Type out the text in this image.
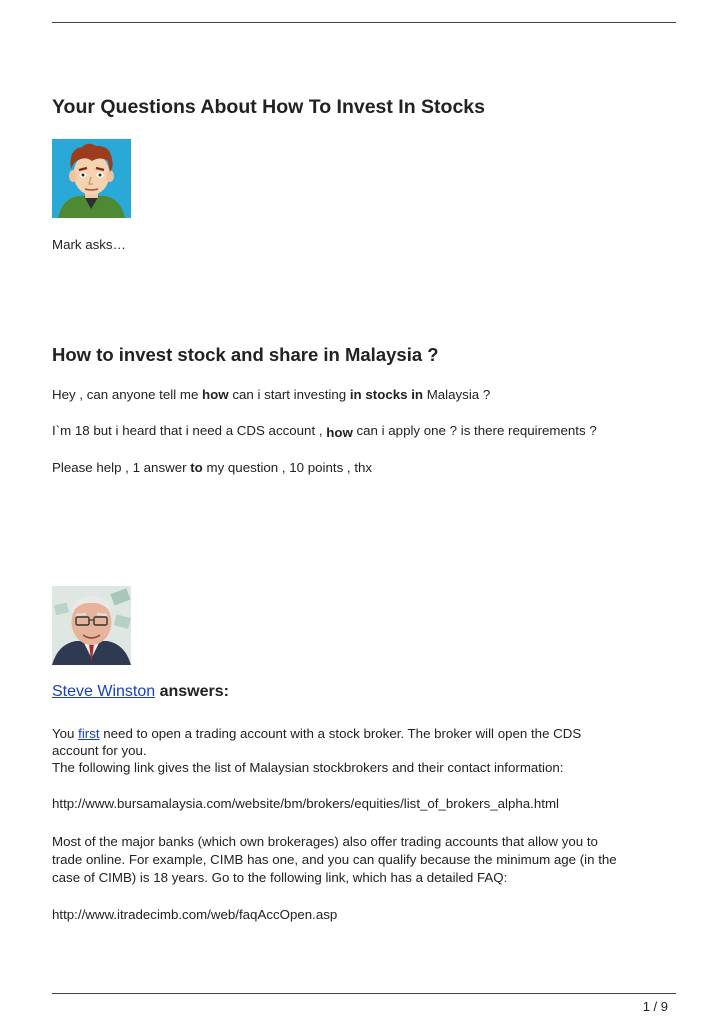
Your Questions About How To Invest In Stocks

Mark asks…

How to invest stock and share in Malaysia ?

Hey , can anyone tell me how can i start investing in stocks in Malaysia ?

I`m 18 but i heard that i need a CDS account , how can i apply one ? is there requirements ?

Please help , 1 answer to my question , 10 points , thx

Steve Winston answers:

You first need to open a trading account with a stock broker. The broker will open the CDS

account for you.

The following link gives the list of Malaysian stockbrokers and their contact information:

http://www.bursamalaysia.com/website/bm/brokers/equities/list_of_brokers_alpha.html

Most of the major banks (which own brokerages) also offer trading accounts that allow you to

trade online. For example, CIMB has one, and you can qualify because the minimum age (in the

case of CIMB) is 18 years. Go to the following link, which has a detailed FAQ:

http://www.itradecimb.com/web/faqAccOpen.asp

1 / 9
